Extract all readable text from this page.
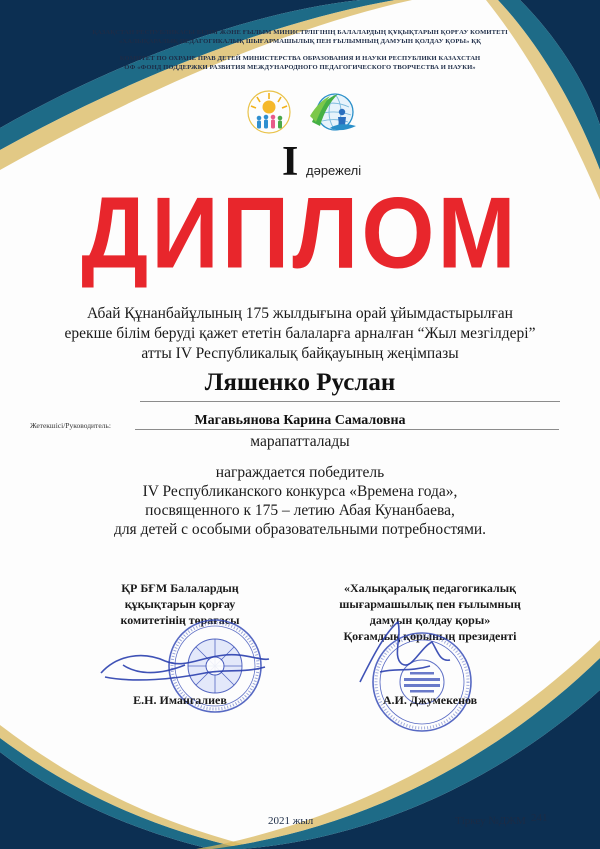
ҚАЗАҚСТАН РЕСПУБЛИКАСЫ БІЛІМ ЖӘНЕ ҒЫЛЫМ МИНИСТРЛІГІНІҢ БАЛАЛАРДЫҢ ҚҰҚЫҚТАРЫН ҚОРҒАУ КОМИТЕТІ
«ХАЛЫҚАРАЛЫҚ ПЕДАГОГИКАЛЫҚ ШЫҒАРМАШЫЛЫҚ ПЕН ҒЫЛЫМНЫҢ ДАМУЫН ҚОЛДАУ ҚОРЫ» ҚҚ
КОМИТЕТ ПО ОХРАНЕ ПРАВ ДЕТЕЙ МИНИСТЕРСТВА ОБРАЗОВАНИЯ И НАУКИ РЕСПУБЛИКИ КАЗАХСТАН
ОФ «ФОНД ПОДДЕРЖКИ РАЗВИТИЯ МЕЖДУНАРОДНОГО ПЕДАГОГИЧЕСКОГО ТВОРЧЕСТВА И НАУКИ»
I дәрежелі
ДИПЛОМ
Абай Құнанбайұлының 175 жылдығына орай ұйымдастырылған
ерекше білім беруді қажет ететін балаларға арналған “Жыл мезгілдері”
атты IV Республикалық байқауының жеңімпазы
Ляшенко Руслан
Жетекшісі/Руководитель:	Магавьянова Карина Самаловна
марапатталады
награждается победитель
IV Республиканского конкурса «Времена года»,
посвященного к 175 – летию Абая Кунанбаева,
для детей с особыми образовательными потребностями.
ҚР БҒМ Балалардың
құқықтарын қорғау
комитетінің төрағасы
Е.Н. Имангалиев
«Халықаралық педагогикалық
шығармашылық пен ғылымның
дамуын қолдау қоры»
Қоғамдық қорының президенті
А.И. Джумекенов
2021 жыл	Тіркеу №ДЖМ 241
